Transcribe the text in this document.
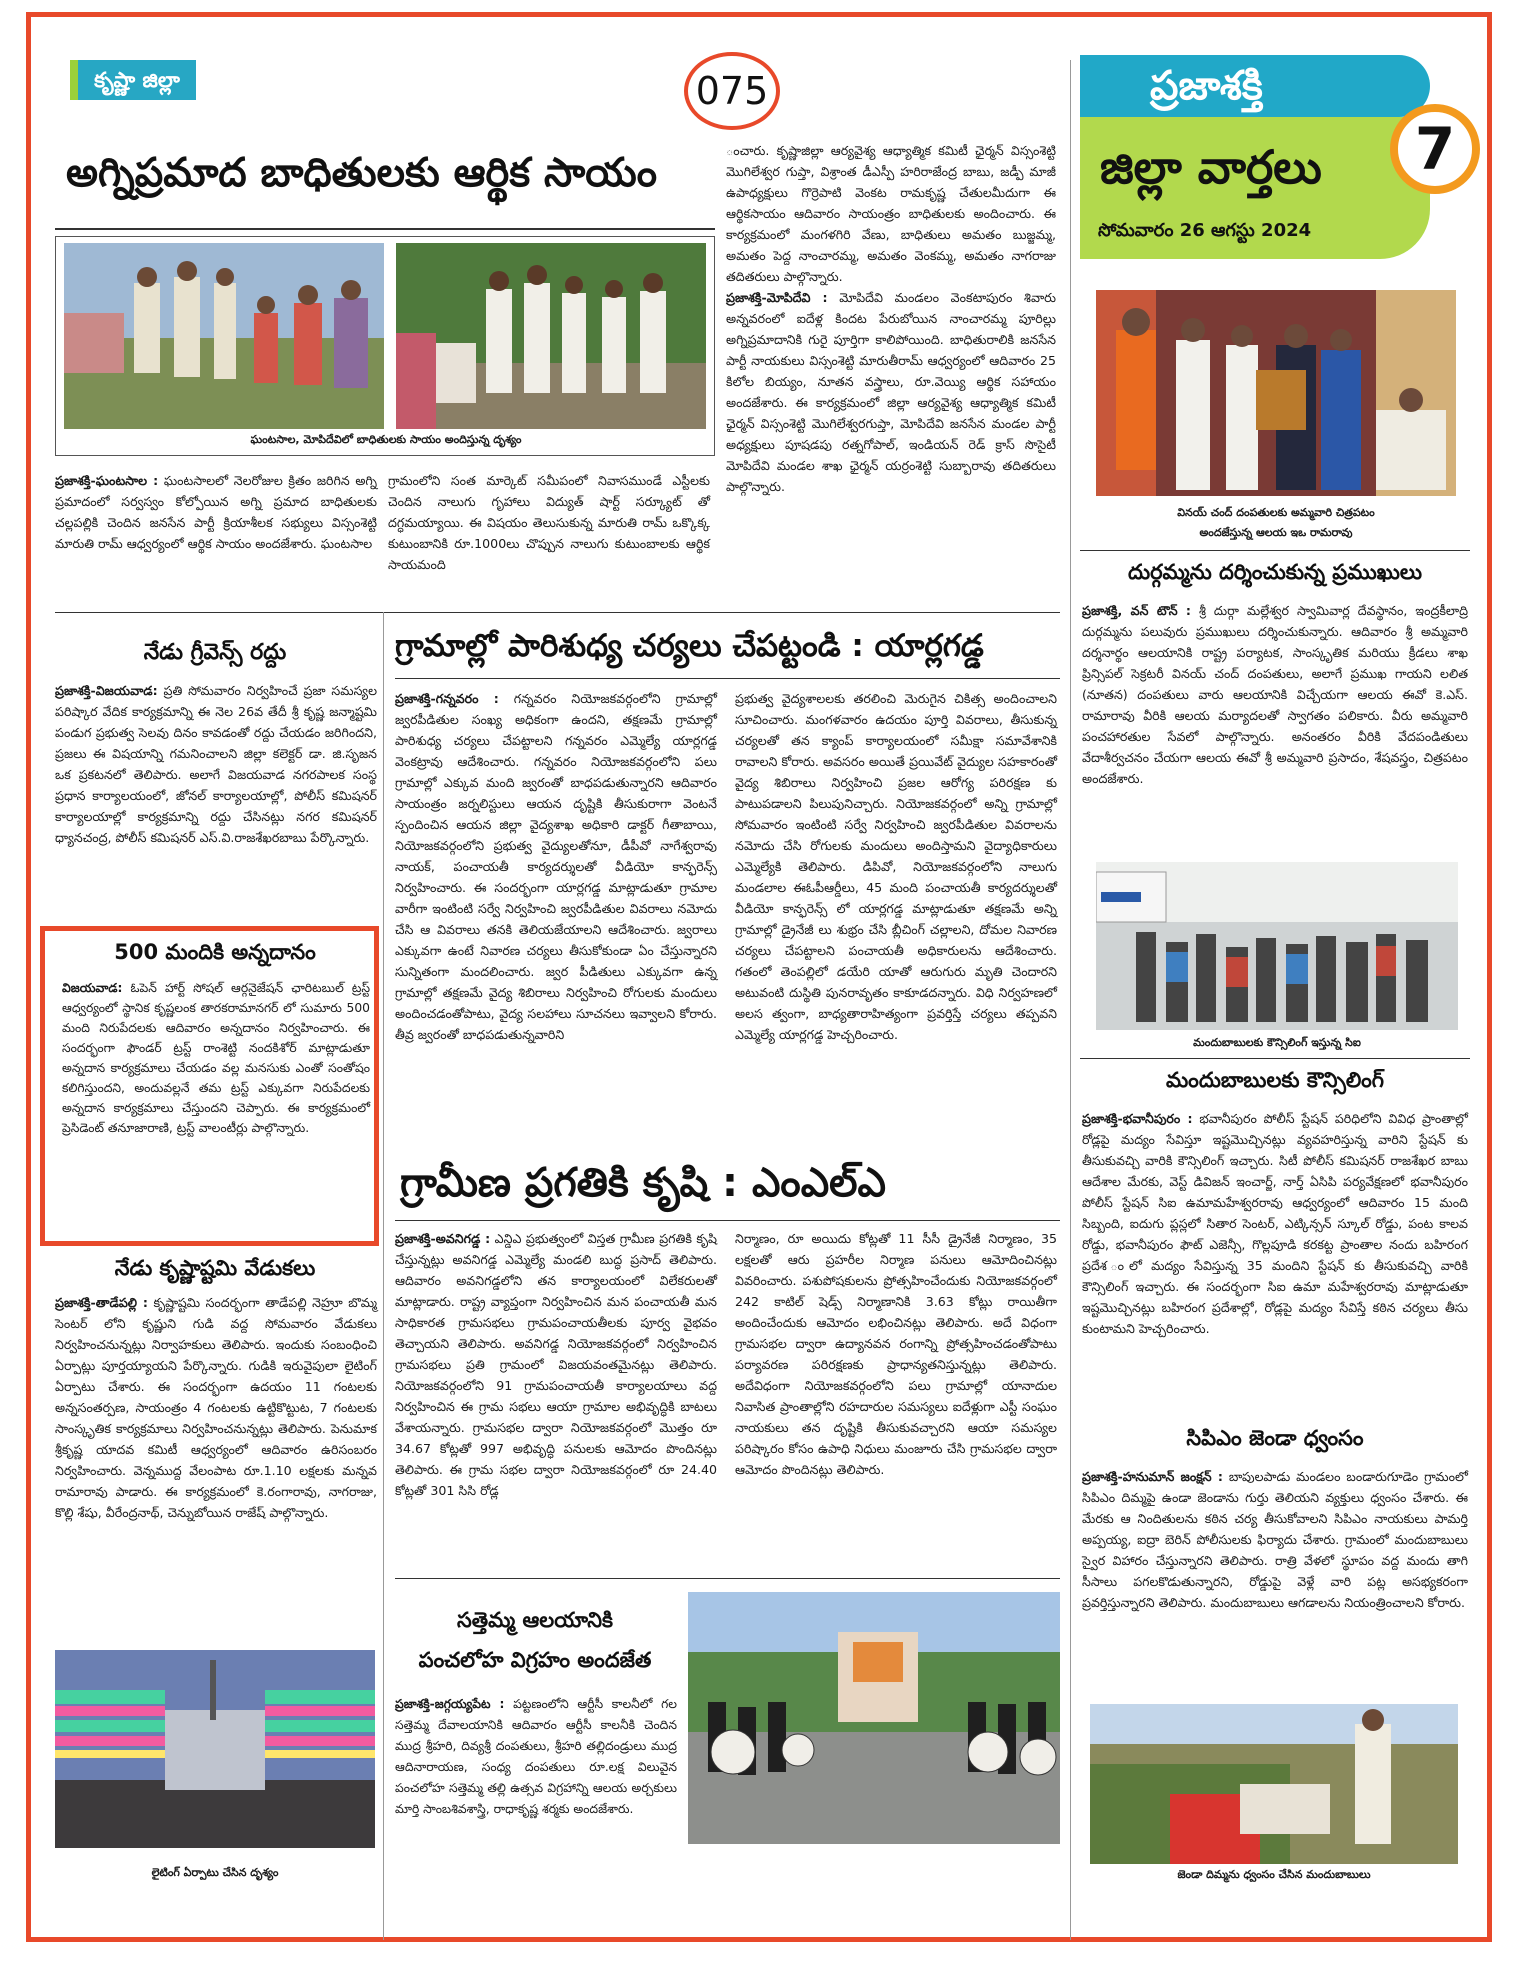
కృష్ణా జిల్లా	075	ప్రజాశక్తి
జిల్లా వార్తలు
సోమవారం 26 ఆగస్టు 2024
7
అగ్నిప్రమాద బాధితులకు ఆర్థిక సాయం
ఘంటసాల, మోపిదేవిలో బాధితులకు సాయం అందిస్తున్న దృశ్యం
ప్రజాశక్తి-ఘంటసాల : ఘంటసాలలో నెలరోజుల క్రితం జరిగిన అగ్ని ప్రమాదంలో సర్వస్వం కోల్పోయిన అగ్ని ప్రమాద బాధితులకు చల్లపల్లికి చెందిన జనసేన పార్టీ క్రియాశీలక సభ్యులు విస్సంశెట్టి మారుతి రామ్ ఆధ్వర్యంలో ఆర్థిక సాయం అందజేశారు. ఘంటసాల
గ్రామంలోని సంత మార్కెట్ సమీపంలో నివాసముండే ఎస్టీలకు చెందిన నాలుగు గృహాలు విద్యుత్ షార్ట్ సర్క్యూట్ తో దగ్ధమయ్యాయి. ఈ విషయం తెలుసుకున్న మారుతి రామ్ ఒక్కొక్క కుటుంబానికి రూ.1000లు చొప్పున నాలుగు కుటుంబాలకు ఆర్థిక సాయమంది
ంచారు. కృష్ణాజిల్లా ఆర్యవైశ్య ఆధ్యాత్మిక కమిటీ ఛైర్మన్ విస్సంశెట్టి మొగిలేశ్వర గుప్తా, విశ్రాంత డీఎస్పీ హరిరాజేంద్ర బాబు, జడ్పీ మాజీ ఉపాధ్యక్షులు గొర్రెపాటి వెంకట రామకృష్ణ చేతులమీదుగా ఈ ఆర్థికసాయం ఆదివారం సాయంత్రం బాధితులకు అందించారు. ఈ కార్యక్రమంలో మంగళగిరి వేణు, బాధితులు అమతం బుజ్జమ్మ, అమతం పెద్ద నాంచారమ్మ, అమతం వెంకమ్మ, అమతం నాగరాజు తదితరులు పాల్గొన్నారు.
ప్రజాశక్తి-మోపిదేవి : మోపిదేవి మండలం వెంకటాపురం శివారు అన్నవరంలో ఐదేళ్ల కిందట పేరుబోయిన నాంచారమ్మ పూరిల్లు అగ్నిప్రమాదానికి గురై పూర్తిగా కాలిపోయింది. బాధితురాలికి జనసేన పార్టీ నాయకులు విస్సంశెట్టి మారుతీరామ్ ఆధ్వర్యంలో ఆదివారం 25 కిలోల బియ్యం, నూతన వస్త్రాలు, రూ.వెయ్యి ఆర్థిక సహాయం అందజేశారు. ఈ కార్యక్రమంలో జిల్లా ఆర్యవైశ్య ఆధ్యాత్మిక కమిటీ ఛైర్మన్ విస్సంశెట్టి మొగిలేశ్వరగుప్తా, మోపిదేవి జనసేన మండల పార్టీ అధ్యక్షులు పూషడపు రత్నగోపాల్, ఇండియన్ రెడ్ క్రాస్ సొసైటీ మోపిదేవి మండల శాఖ ఛైర్మన్ యర్రంశెట్టి సుబ్బారావు తదితరులు పాల్గొన్నారు.
నేడు గ్రీవెన్స్ రద్దు
ప్రజాశక్తి-విజయవాడ: ప్రతి సోమవారం నిర్వహించే ప్రజా సమస్యల పరిష్కార వేదిక కార్యక్రమాన్ని ఈ నెల 26వ తేదీ శ్రీ కృష్ణ జన్మాష్టమి పండుగ ప్రభుత్వ సెలవు దినం కావడంతో రద్దు చేయడం జరిగిందని, ప్రజలు ఈ విషయాన్ని గమనించాలని జిల్లా కలెక్టర్ డా. జి.సృజన ఒక ప్రకటనలో తెలిపారు. అలాగే విజయవాడ నగరపాలక సంస్థ ప్రధాన కార్యాలయంలో, జోనల్ కార్యాలయాల్లో, పోలీస్ కమిషనర్ కార్యాలయాల్లో కార్యక్రమాన్ని రద్దు చేసినట్లు నగర కమిషనర్ ధ్యానచంద్ర, పోలీస్ కమిషనర్ ఎస్.వి.రాజశేఖరబాబు పేర్కొన్నారు.
500 మందికి అన్నదానం
విజయవాడ: ఓపెన్ హార్ట్ సోషల్ ఆర్గనైజేషన్ ఛారిటబుల్ ట్రస్ట్ ఆధ్వర్యంలో స్థానిక కృష్ణలంక తారకరామానగర్ లో సుమారు 500 మంది నిరుపేదలకు ఆదివారం అన్నదానం నిర్వహించారు. ఈ సందర్భంగా ఫౌండర్ ట్రస్ట్ రాంశెట్టి నందకిశోర్ మాట్లాడుతూ అన్నదాన కార్యక్రమాలు చేయడం వల్ల మనసుకు ఎంతో సంతోషం కలిగిస్తుందని, అందువల్లనే తమ ట్రస్ట్ ఎక్కువగా నిరుపేదలకు అన్నదాన కార్యక్రమాలు చేస్తుందని చెప్పారు. ఈ కార్యక్రమంలో ప్రెసిడెంట్ తనూజారాణి, ట్రస్ట్ వాలంటీర్లు పాల్గొన్నారు.
నేడు కృష్ణాష్టమి వేడుకలు
ప్రజాశక్తి-తాడేపల్లి : కృష్ణాష్టమి సందర్భంగా తాడేపల్లి నెహ్రూ బొమ్మ సెంటర్ లోని కృష్ణుని గుడి వద్ద సోమవారం వేడుకలు నిర్వహించనున్నట్లు నిర్వాహకులు తెలిపారు. ఇందుకు సంబంధించి ఏర్పాట్లు పూర్తయ్యాయని పేర్కొన్నారు. గుడికి ఇరువైపులా లైటింగ్ ఏర్పాటు చేశారు. ఈ సందర్భంగా ఉదయం 11 గంటలకు అన్నసంతర్పణ, సాయంత్రం 4 గంటలకు ఉట్టికొట్టుట, 7 గంటలకు సాంస్కృతిక కార్యక్రమాలు నిర్వహించనున్నట్లు తెలిపారు. పెనుమాక శ్రీకృష్ణ యాదవ కమిటీ ఆధ్వర్యంలో ఆదివారం ఉరిసంబరం నిర్వహించారు. వెన్నముద్ద వేలంపాట రూ.1.10 లక్షలకు మన్నవ రామారావు పాడారు. ఈ కార్యక్రమంలో కె.రంగారావు, నాగరాజు, కొల్లి శేషు, వీరేంద్రనాథ్, చెన్నుబోయిన రాజేష్ పాల్గొన్నారు.
లైటింగ్ ఏర్పాటు చేసిన దృశ్యం
గ్రామాల్లో పారిశుధ్య చర్యలు చేపట్టండి : యార్లగడ్డ
ప్రజాశక్తి-గన్నవరం : గన్నవరం నియోజకవర్గంలోని గ్రామాల్లో జ్వరపీడితుల సంఖ్య అధికంగా ఉందని, తక్షణమే గ్రామాల్లో పారిశుధ్య చర్యలు చేపట్టాలని గన్నవరం ఎమ్మెల్యే యార్లగడ్డ వెంకట్రావు ఆదేశించారు. గన్నవరం నియోజకవర్గంలోని పలు గ్రామాల్లో ఎక్కువ మంది జ్వరంతో బాధపడుతున్నారని ఆదివారం సాయంత్రం జర్నలిస్టులు ఆయన దృష్టికి తీసుకురాగా వెంటనే స్పందించిన ఆయన జిల్లా వైద్యశాఖ అధికారి డాక్టర్ గీతాబాయి, నియోజకవర్గంలోని ప్రభుత్వ వైద్యులతోనూ, డీపీవో నాగేశ్వరావు నాయక్, పంచాయతీ కార్యదర్శులతో వీడియో కాన్ఫరెన్స్ నిర్వహించారు. ఈ సందర్భంగా యార్లగడ్డ మాట్లాడుతూ గ్రామాల వారీగా ఇంటింటి సర్వే నిర్వహించి జ్వరపీడితుల వివరాలు నమోదు చేసి ఆ వివరాలు తనకి తెలియజేయాలని ఆదేశించారు. జ్వరాలు ఎక్కువగా ఉంటే నివారణ చర్యలు తీసుకోకుండా ఏం చేస్తున్నారని సున్నితంగా మందలించారు. జ్వర పీడితులు ఎక్కువగా ఉన్న గ్రామాల్లో తక్షణమే వైద్య శిబిరాలు నిర్వహించి రోగులకు మందులు అందించడంతోపాటు, వైద్య సలహాలు సూచనలు ఇవ్వాలని కోరారు. తీవ్ర జ్వరంతో బాధపడుతున్నవారిని
ప్రభుత్వ వైద్యశాలలకు తరలించి మెరుగైన చికిత్స అందించాలని సూచించారు. మంగళవారం ఉదయం పూర్తి వివరాలు, తీసుకున్న చర్యలతో తన క్యాంప్ కార్యాలయంలో సమీక్షా సమావేశానికి రావాలని కోరారు. అవసరం అయితే ప్రయివేట్ వైద్యుల సహకారంతో వైద్య శిబిరాలు నిర్వహించి ప్రజల ఆరోగ్య పరిరక్షణ కు పాటుపడాలని పిలుపునిచ్చారు. నియోజకవర్గంలో అన్ని గ్రామాల్లో సోమవారం ఇంటింటి సర్వే నిర్వహించి జ్వరపీడితుల వివరాలను నమోదు చేసి రోగులకు మందులు అందిస్తామని వైద్యాధికారులు ఎమ్మెల్యేకి తెలిపారు. డిపివో, నియోజకవర్గంలోని నాలుగు మండలాల ఈఓపీఆర్డీలు, 45 మంది పంచాయతీ కార్యదర్శులతో వీడియో కాన్ఫరెన్స్ లో యార్లగడ్డ మాట్లాడుతూ తక్షణమే అన్ని గ్రామాల్లో డ్రైనేజీ లు శుభ్రం చేసి బ్లీచింగ్ చల్లాలని, దోమల నివారణ చర్యలు చేపట్టాలని పంచాయతీ అధికారులను ఆదేశించారు. గతంలో తెంపల్లిలో డయేరి యాతో ఆరుగురు మృతి చెందారని అటువంటి దుస్థితి పునరావృతం కాకూడదన్నారు. విధి నిర్వహణలో అలస త్వంగా, బాధ్యతారాహిత్యంగా ప్రవర్తిస్తే చర్యలు తప్పవని ఎమ్మెల్యే యార్లగడ్డ హెచ్చరించారు.
గ్రామీణ ప్రగతికి కృషి : ఎంఎల్ఎ
ప్రజాశక్తి-అవనిగడ్డ : ఎన్డిఎ ప్రభుత్వంలో విస్తత గ్రామీణ ప్రగతికి కృషి చేస్తున్నట్లు అవనిగడ్డ ఎమ్మెల్యే మండలి బుద్ధ ప్రసాద్ తెలిపారు. ఆదివారం అవనిగడ్డలోని తన కార్యాలయంలో విలేకరులతో మాట్లాడారు. రాష్ట్ర వ్యాప్తంగా నిర్వహించిన మన పంచాయతీ మన సాధికారత గ్రామసభలు గ్రామపంచాయతీలకు పూర్వ వైభవం తెచ్చాయని తెలిపారు. అవనిగడ్డ నియోజకవర్గంలో నిర్వహించిన గ్రామసభలు ప్రతి గ్రామంలో విజయవంతమైనట్లు తెలిపారు. నియోజకవర్గంలోని 91 గ్రామపంచాయతీ కార్యాలయాలు వద్ద నిర్వహించిన ఈ గ్రామ సభలు ఆయా గ్రామాల అభివృద్ధికి బాటలు వేశాయన్నారు. గ్రామసభల ద్వారా నియోజకవర్గంలో మొత్తం రూ 34.67 కోట్లతో 997 అభివృద్ధి పనులకు ఆమోదం పొందినట్లు తెలిపారు. ఈ గ్రామ సభల ద్వారా నియోజకవర్గంలో రూ 24.40 కోట్లతో 301 సిసి రోడ్ల
నిర్మాణం, రూ అయిదు కోట్లతో 11 సీసీ డ్రైనేజీ నిర్మాణం, 35 లక్షలతో ఆరు ప్రహరీల నిర్మాణ పనులు ఆమోదించినట్లు వివరించారు. పశుపోషకులను ప్రోత్సహించేందుకు నియోజకవర్గంలో 242 కాటిల్ షెడ్స్ నిర్మాణానికి 3.63 కోట్లు రాయితీగా అందించేందుకు ఆమోదం లభించినట్లు తెలిపారు. అదే విధంగా గ్రామసభల ద్వారా ఉద్యానవన రంగాన్ని ప్రోత్సహించడంతోపాటు పర్యావరణ పరిరక్షణకు ప్రాధాన్యతనిస్తున్నట్లు తెలిపారు. అదేవిధంగా నియోజకవర్గంలోని పలు గ్రామాల్లో యానాదుల నివాసిత ప్రాంతాల్లోని రహదారుల సమస్యలు ఐదేళ్లుగా ఎస్టీ సంఘం నాయకులు తన దృష్టికి తీసుకువచ్చారని ఆయా సమస్యల పరిష్కారం కోసం ఉపాధి నిధులు మంజూరు చేసి గ్రామసభల ద్వారా ఆమోదం పొందినట్లు తెలిపారు.
సత్తెమ్మ ఆలయానికి
పంచలోహ విగ్రహం అందజేత
ప్రజాశక్తి-జగ్గయ్యపేట : పట్టణంలోని ఆర్టీసీ కాలనీలో గల సత్తెమ్మ దేవాలయానికి ఆదివారం ఆర్టీసీ కాలనీకి చెందిన ముద్ర శ్రీహరి, దివ్యశ్రీ దంపతులు, శ్రీహరి తల్లిదండ్రులు ముద్ర ఆదినారాయణ, సంధ్య దంపతులు రూ.లక్ష విలువైన పంచలోహ సత్తెమ్మ తల్లి ఉత్సవ విగ్రహాన్ని ఆలయ అర్చకులు మార్తి సాంబశివశాస్త్రి, రాధాకృష్ణ శర్మకు అందజేశారు.
వినయ్ చంద్ దంపతులకు అమ్మవారి చిత్రపటం
అందజేస్తున్న ఆలయ ఇఒ రామరావు
దుర్గమ్మను దర్శించుకున్న ప్రముఖులు
ప్రజాశక్తి, వన్ టౌన్ : శ్రీ దుర్గా మల్లేశ్వర స్వామివార్ల దేవస్థానం, ఇంద్రకీలాద్రి దుర్గమ్మను పలువురు ప్రముఖులు దర్శించుకున్నారు. ఆదివారం శ్రీ అమ్మవారి దర్శనార్థం ఆలయానికి రాష్ట్ర పర్యాటక, సాంస్కృతిక మరియు క్రీడలు శాఖ ప్రిన్సిపల్ సెక్రటరీ వినయ్ చంద్ దంపతులు, అలాగే ప్రముఖ గాయని లలిత (నూతన) దంపతులు వారు ఆలయానికి విచ్చేయగా ఆలయ ఈవో కె.ఎస్. రామారావు వీరికి ఆలయ మర్యాదలతో స్వాగతం పలికారు. వీరు అమ్మవారి పంచహారతుల సేవలో పాల్గొన్నారు. అనంతరం వీరికి వేదపండితులు వేదాశీర్వచనం చేయగా ఆలయ ఈవో శ్రీ అమ్మవారి ప్రసాదం, శేషవస్త్రం, చిత్రపటం అందజేశారు.
మందుబాబులకు కౌన్సిలింగ్ ఇస్తున్న సిఐ
మందుబాబులకు కౌన్సిలింగ్
ప్రజాశక్తి-భవానీపురం : భవానీపురం పోలీస్ స్టేషన్ పరిధిలోని వివిధ ప్రాంతాల్లో రోడ్లపై మద్యం సేవిస్తూ ఇష్టమొచ్చినట్లు వ్యవహరిస్తున్న వారిని స్టేషన్ కు తీసుకువచ్చి వారికి కౌన్సిలింగ్ ఇచ్చారు. సిటీ పోలీస్ కమిషనర్ రాజశేఖర బాబు ఆదేశాల మేరకు, వెస్ట్ డివిజన్ ఇంచార్జ్, నార్త్ ఏసిపి పర్యవేక్షణలో భవానీపురం పోలీస్ స్టేషన్ సిఐ ఉమామహేశ్వరరావు ఆధ్వర్యంలో ఆదివారం 15 మంది సిబ్బంది, ఐదుగు ప్లస్లలో సితార సెంటర్, ఎట్కిన్సన్ స్కూల్ రోడ్డు, పంట కాలవ రోడ్డు, భవానీపురం ఫౌట్ ఎజెన్సీ, గొల్లపూడి కరకట్ట ప్రాంతాల నందు బహిరంగ ప్రదేశ ంలో మద్యం సేవిస్తున్న 35 మందిని స్టేషన్ కు తీసుకువచ్చి వారికి కౌన్సిలింగ్ ఇచ్చారు. ఈ సందర్భంగా సిఐ ఉమా మహేశ్వరరావు మాట్లాడుతూ ఇష్టమొచ్చినట్లు బహిరంగ ప్రదేశాల్లో, రోడ్లపై మద్యం సేవిస్తే కఠిన చర్యలు తీసు కుంటామని హెచ్చరించారు.
సిపిఎం జెండా ధ్వంసం
ప్రజాశక్తి-హనుమాన్ జంక్షన్ : బాపులపాడు మండలం బండారుగూడెం గ్రామంలో సిపిఎం దిమ్మపై ఉండా జెండాను గుర్తు తెలియని వ్యక్తులు ధ్వంసం చేశారు. ఈ మేరకు ఆ నిందితులను కఠిన చర్య తీసుకోవాలని సిపిఎం నాయకులు పామర్తి అప్పయ్య, ఐద్రా బెరిన్ పోలీసులకు ఫిర్యాదు చేశారు. గ్రామంలో మందుబాబులు స్వైర విహారం చేస్తున్నారని తెలిపారు. రాత్రి వేళలో స్థూపం వద్ద మందు తాగి సీసాలు పగలకొడుతున్నారని, రోడ్డుపై వెళ్లే వారి పట్ల అసభ్యకరంగా ప్రవర్తిస్తున్నారని తెలిపారు. మందుబాబులు ఆగడాలను నియంత్రించాలని కోరారు.
జెండా దిమ్మను ధ్వంసం చేసిన మందుబాబులు
